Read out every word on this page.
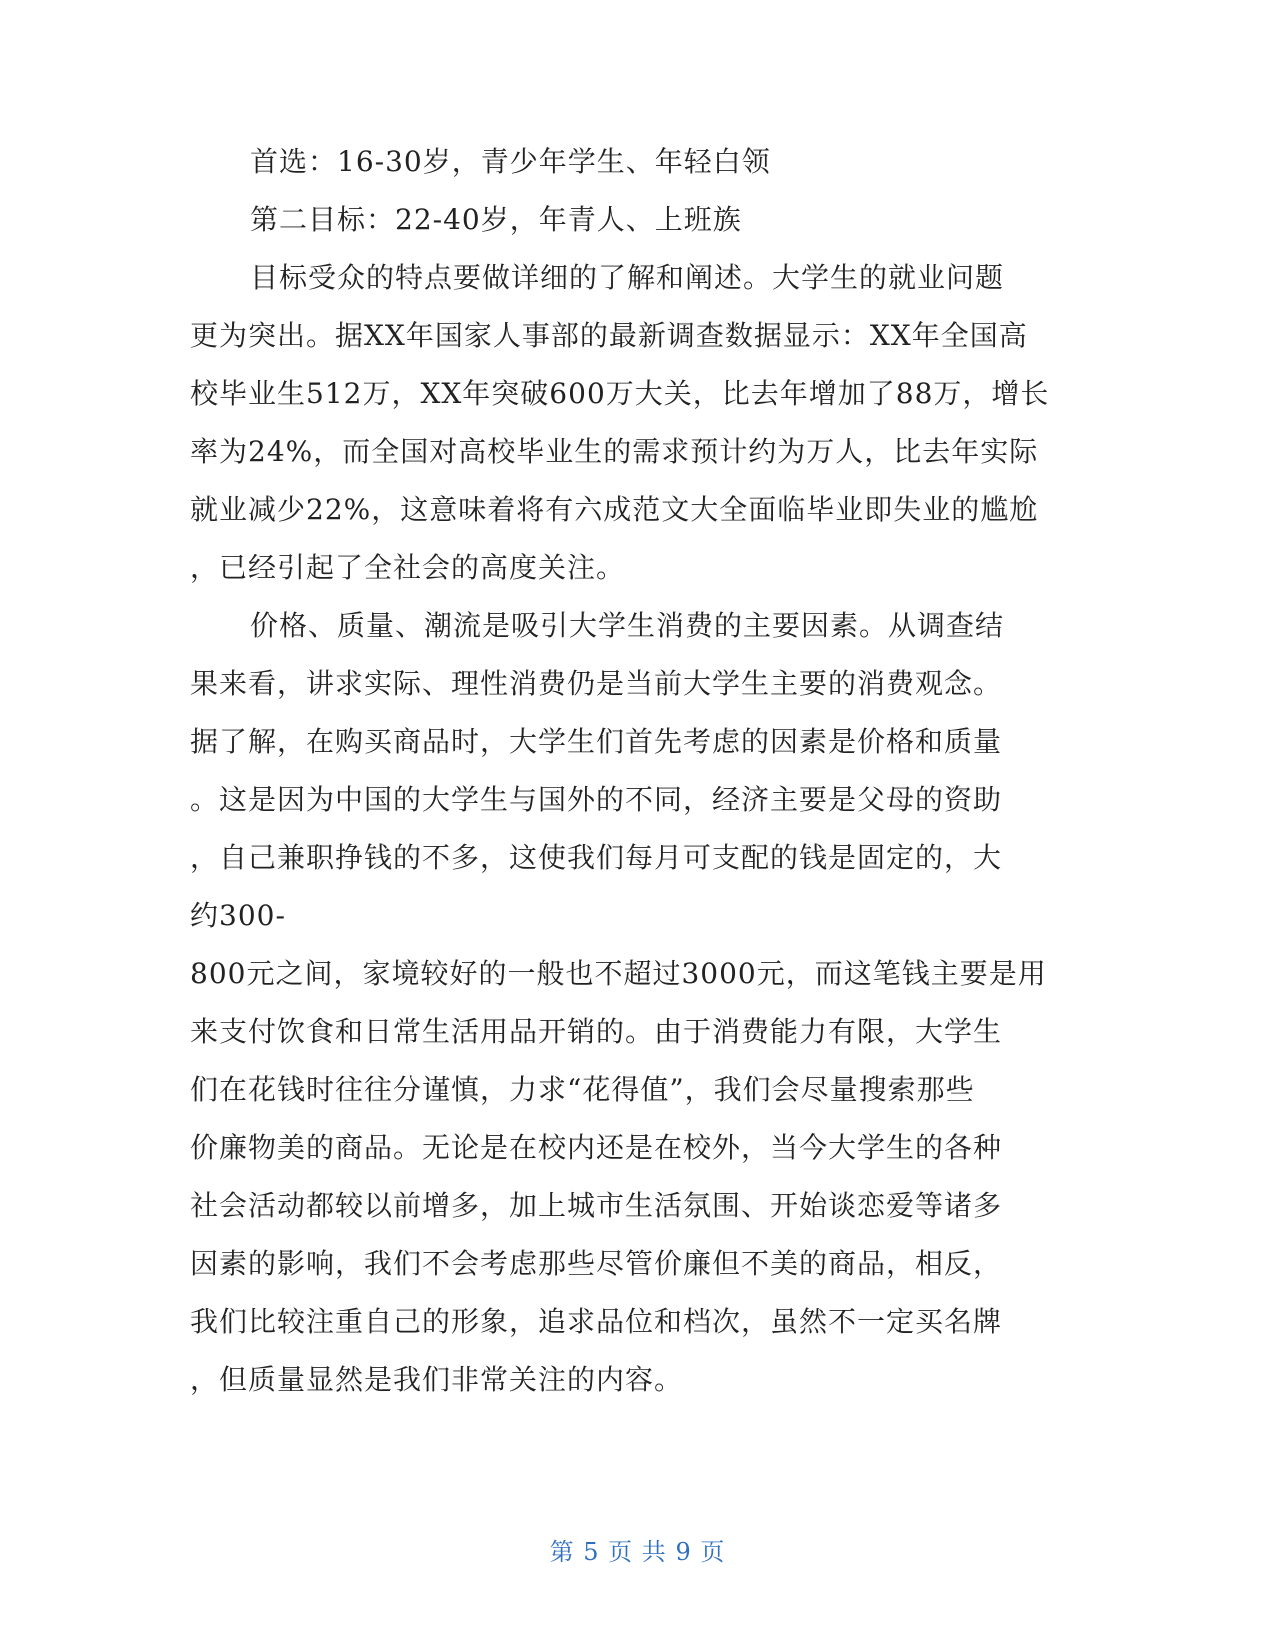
首选：16-30岁，青少年学生、年轻白领
第二目标：22-40岁，年青人、上班族
目标受众的特点要做详细的了解和阐述。大学生的就业问题
更为突出。据XX年国家人事部的最新调查数据显示：XX年全国高
校毕业生512万，XX年突破600万大关，比去年增加了88万，增长
率为24%，而全国对高校毕业生的需求预计约为万人，比去年实际
就业减少22%，这意味着将有六成范文大全面临毕业即失业的尴尬
，已经引起了全社会的高度关注。
价格、质量、潮流是吸引大学生消费的主要因素。从调查结
果来看，讲求实际、理性消费仍是当前大学生主要的消费观念。
据了解，在购买商品时，大学生们首先考虑的因素是价格和质量
。这是因为中国的大学生与国外的不同，经济主要是父母的资助
，自己兼职挣钱的不多，这使我们每月可支配的钱是固定的，大
约300-
800元之间，家境较好的一般也不超过3000元，而这笔钱主要是用
来支付饮食和日常生活用品开销的。由于消费能力有限，大学生
们在花钱时往往分谨慎，力求“花得值”，我们会尽量搜索那些
价廉物美的商品。无论是在校内还是在校外，当今大学生的各种
社会活动都较以前增多，加上城市生活氛围、开始谈恋爱等诸多
因素的影响，我们不会考虑那些尽管价廉但不美的商品，相反，
我们比较注重自己的形象，追求品位和档次，虽然不一定买名牌
，但质量显然是我们非常关注的内容。
第 5 页 共 9 页
